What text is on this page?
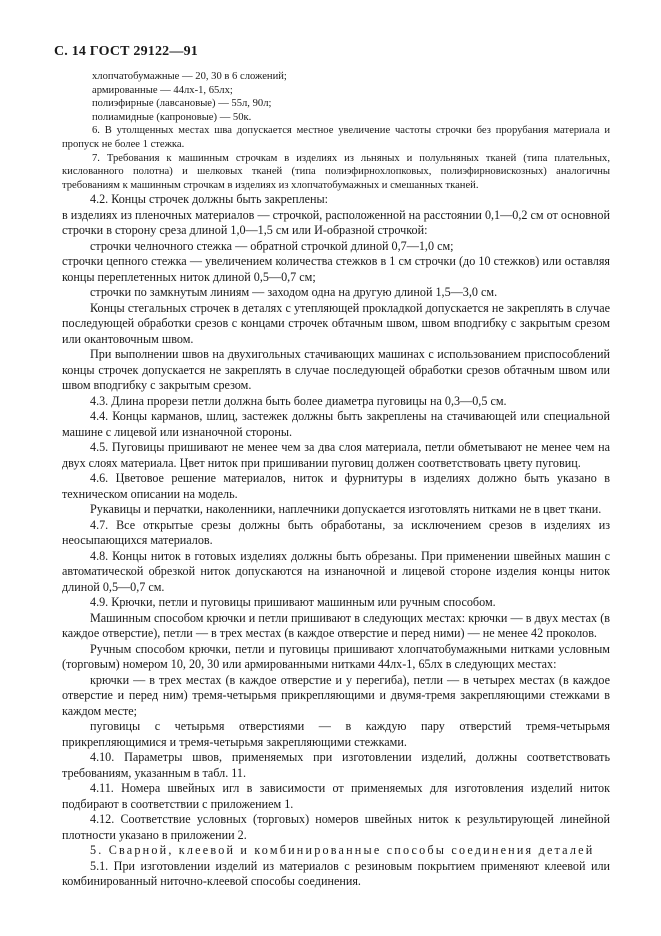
С. 14 ГОСТ 29122—91

хлопчатобумажные — 20, 30 в 6 сложений;

армированные — 44лх-1, 65лх;

полиэфирные (лавсановые) — 55л, 90л;

полиамидные (капроновые) — 50к.

6. В утолщенных местах шва допускается местное увеличение частоты строчки без прорубания материала и пропуск не более 1 стежка.

7. Требования к машинным строчкам в изделиях из льняных и полульняных тканей (типа плательных, кислованного полотна) и шелковых тканей (типа полиэфирнохлопковых, полиэфирновискозных) аналогичны требованиям к машинным строчкам в изделиях из хлопчатобумажных и смешанных тканей.

4.2. Концы строчек должны быть закреплены:

в изделиях из пленочных материалов — строчкой, расположенной на расстоянии 0,1—0,2 см от основной строчки в сторону среза длиной 1,0—1,5 см или И-образной строчкой:

строчки челночного стежка — обратной строчкой длиной 0,7—1,0 см;

строчки цепного стежка — увеличением количества стежков в 1 см строчки (до 10 стежков) или оставляя концы переплетенных ниток длиной 0,5—0,7 см;

строчки по замкнутым линиям — заходом одна на другую длиной 1,5—3,0 см.

Концы стегальных строчек в деталях с утепляющей прокладкой допускается не закреплять в случае последующей обработки срезов с концами строчек обтачным швом, швом вподгибку с закрытым срезом или окантовочным швом.

При выполнении швов на двухигольных стачивающих машинах с использованием приспособлений концы строчек допускается не закреплять в случае последующей обработки срезов обтачным швом или швом вподгибку с закрытым срезом.

4.3. Длина прорези петли должна быть более диаметра пуговицы на 0,3—0,5 см.

4.4. Концы карманов, шлиц, застежек должны быть закреплены на стачивающей или специальной машине с лицевой или изнаночной стороны.

4.5. Пуговицы пришивают не менее чем за два слоя материала, петли обметывают не менее чем на двух слоях материала. Цвет ниток при пришивании пуговиц должен соответствовать цвету пуговиц.

4.6. Цветовое решение материалов, ниток и фурнитуры в изделиях должно быть указано в техническом описании на модель.

Рукавицы и перчатки, наколенники, наплечники допускается изготовлять нитками не в цвет ткани.

4.7. Все открытые срезы должны быть обработаны, за исключением срезов в изделиях из неосыпающихся материалов.

4.8. Концы ниток в готовых изделиях должны быть обрезаны. При применении швейных машин с автоматической обрезкой ниток допускаются на изнаночной и лицевой стороне изделия концы ниток длиной 0,5—0,7 см.

4.9. Крючки, петли и пуговицы пришивают машинным или ручным способом.

Машинным способом крючки и петли пришивают в следующих местах: крючки — в двух местах (в каждое отверстие), петли — в трех местах (в каждое отверстие и перед ними) — не менее 42 проколов.

Ручным способом крючки, петли и пуговицы пришивают хлопчатобумажными нитками условным (торговым) номером 10, 20, 30 или армированными нитками 44лх-1, 65лх в следующих местах:

крючки — в трех местах (в каждое отверстие и у перегиба), петли — в четырех местах (в каждое отверстие и перед ним) тремя-четырьмя прикрепляющими и двумя-тремя закрепляющими стежками в каждом месте;

пуговицы с четырьмя отверстиями — в каждую пару отверстий тремя-четырьмя прикрепляющимися и тремя-четырьмя закрепляющими стежками.

4.10. Параметры швов, применяемых при изготовлении изделий, должны соответствовать требованиям, указанным в табл. 11.

4.11. Номера швейных игл в зависимости от применяемых для изготовления изделий ниток подбирают в соответствии с приложением 1.

4.12. Соответствие условных (торговых) номеров швейных ниток к результирующей линейной плотности указано в приложении 2.

5. Сварной, клеевой и комбинированные способы соединения деталей

5.1. При изготовлении изделий из материалов с резиновым покрытием применяют клеевой или комбинированный ниточно-клеевой способы соединения.
